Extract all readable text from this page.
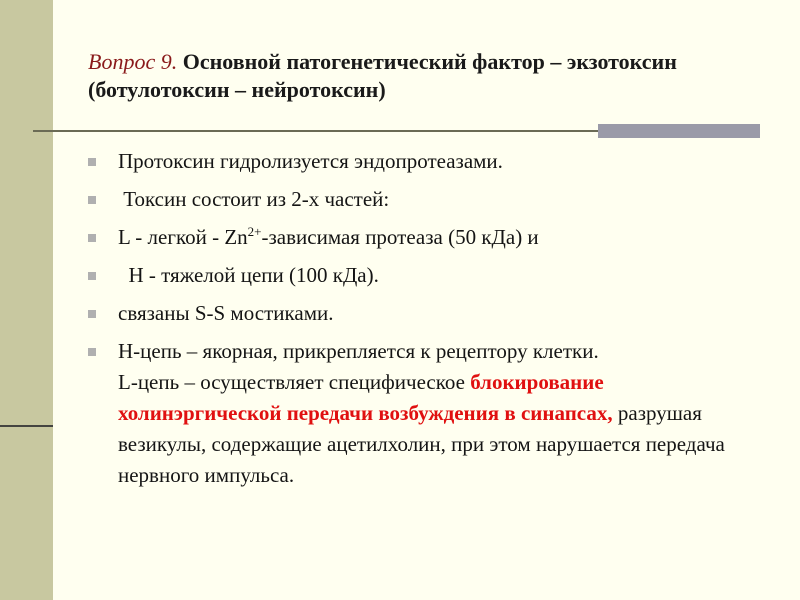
Вопрос 9. Основной патогенетический фактор – экзотоксин (ботулотоксин – нейротоксин)
Протоксин гидролизуется эндопротеазами.
Токсин состоит из 2-х частей:
L - легкой - $Zn^{2+}$-зависимая протеаза (50 кДа) и
Н - тяжелой цепи (100 кДа).
связаны S-S мостиками.
Н-цепь – якорная, прикрепляется к рецептору клетки.
L-цепь – осуществляет специфическое блокирование холинэргической передачи возбуждения в синапсах, разрушая везикулы, содержащие ацетилхолин, при этом нарушается передача нервного импульса.
